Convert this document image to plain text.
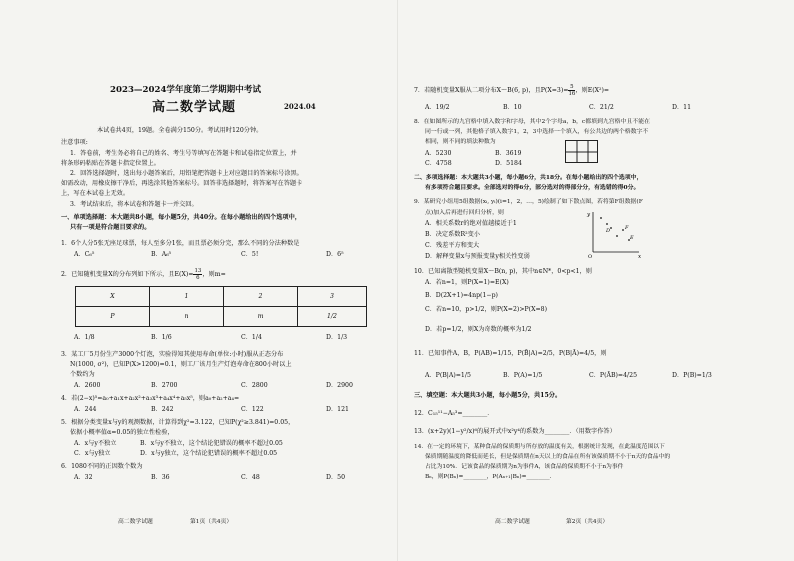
2023—2024学年度第二学期期中考试
高二数学试题	2024.04
本试卷共4页，19题。全卷满分150分。考试用时120分钟。
注意事项:
1．答卷前，考生务必将自己的姓名、考生号等填写在答题卡和试卷指定位置上，并
将条形码粘贴在答题卡指定位置上。
2．回答选择题时，选出每小题答案后，用铅笔把答题卡上对应题目的答案标号涂黑。
如需改动，用橡皮擦干净后，再选涂其他答案标号。回答非选择题时，将答案写在答题卡
上，写在本试卷上无效。
3．考试结束后，将本试卷和答题卡一并交回。
一、单项选择题：本大题共8小题，每小题5分，共40分。在每小题给出的四个选项中，
只有一项是符合题目要求的。
1．6个人分5张无座足球票，每人至多分1张，而且票必须分完，那么不同的分法种数是
A．C₆⁵	B．A₆⁵	C．5!	D．6⁵
2．已知随机变量X的分布列如下所示，且$E(X)= \frac{13}{6}$ ，则m=
X	1	2	3
P	n	m	1/2
A．1/8	B．1/6	C．1/4	D．1/3
3．某工厂5月份生产3000个灯泡，实验得知其使用寿命(单位:小时)服从正态分布
N(1000, σ²)，已知P(X>1200)=0.1，则工厂该月生产灯泡寿命在800小时以上
个数约为
A．2600	B．2700	C．2800	D．2900
4．若(2−x)⁵=a₀+a₁x+a₂x²+a₃x³+a₄x⁴+a₅x⁵，则a₀+a₂+a₄=
A．244	B．242	C．122	D．121
5．根据分类变量x与y的观测数据，计算得到χ²=3.122，已知P(χ²≥3.841)=0.05，
依据小概率值α=0.05的独立性检验，
A．x与y不独立	B．x与y不独立，这个结论犯错误的概率不超过0.05
C．x与y独立	D．x与y独立，这个结论犯错误的概率不超过0.05
6．1080不同的正因数个数为
A．32	B．36	C．48	D．50
高二数学试题	第1页（共4页）
7．若随机变量X服从二项分布X～B(6, p)，且$P(X=3)= \frac{5}{16}$ ，则E(X²)=
A．19/2	B．10	C．21/2	D．11
8．在如图所示的九宫格中填入数字和字母，其中2个字母a，b，c都填到九宫格中且不能在
同一行或一列，其他格子填入数字1，2，3中选择一个填入，有公共边的两个格数字不
相同，则不同的填法种数为
A．5230	B．3619
C．4758	D．5184
二、多项选择题：本大题共3小题，每小题6分，共18分。在每小题给出的四个选项中，
有多项符合题目要求。全部选对的得6分，部分选对的得部分分，有选错的得0分。
9．某研究小组用5组数据(xᵢ, yᵢ)(i=1，2，…，5)绘制了如下散点图，若将第F组数据(F
点)加入后再进行回归分析，则
A．相关系数r的绝对值越接近于1
B．决定系数R²变小
C．残差平方和变大
D．解释变量x与预报变量y相关性变弱
y
x
O
F
D
E
10．已知离散型随机变量X～B(n, p)，其中n∈N*，0<p<1，则
A．若n=1，则P(X=1)=E(X)
B．D(2X+1)=4np(1−p)
C．若n=10，p>1/2，则P(X=2)>P(X=8)
D．若p=1/2，则X为奇数的概率为1/2
11．已知事件A，B，P(AB)=1/15，P(B̄|A)=2/5，P(B|Ā)=4/5，则
A．P(B|A)=1/5	B．P(A)=1/5	C．P(ĀB)=4/25	D．P(B)=1/3
三、填空题：本大题共3小题，每小题5分，共15分。
12．C₁₅¹¹−A₅³=________．
13．(x+2y)(1−y²/x)⁶的展开式中x²y⁴的系数为________．（用数字作答）
14．在一定的环境下，某种食品的保质期与所存放的温度有关，根据统计发现，在此温度范围以下
保质期随温度的降低而延长，但是保质期在n天以上的食品在所有该保质期不小于n天的食品中的
占比为10%．记该食品的保质期为n为事件A，该食品的保质期不小于n为事件
Bₙ，则P(Bₙ)=________，P(Aₙ₊₁|Bₙ)=________．
高二数学试题	第2页（共4页）
